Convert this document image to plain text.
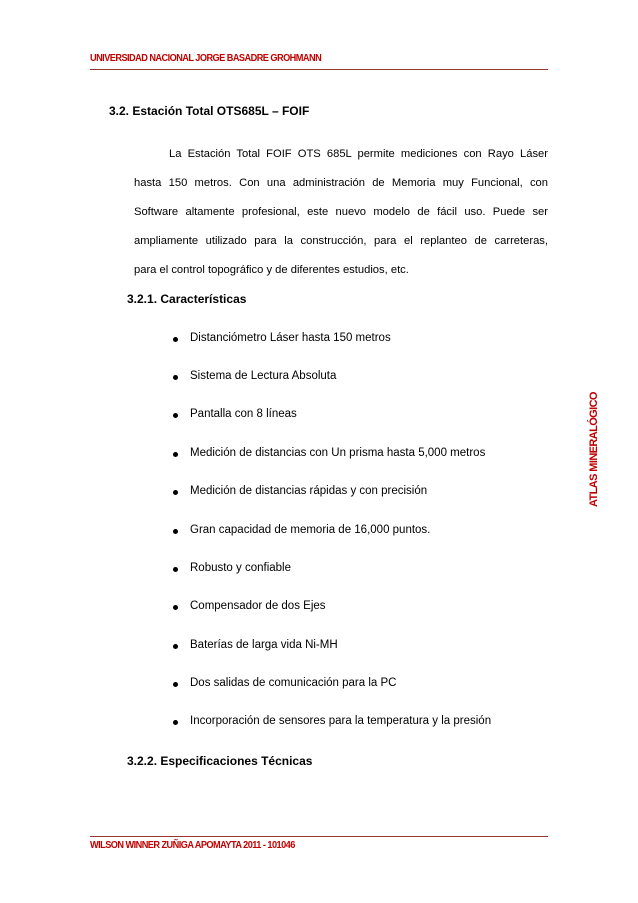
UNIVERSIDAD NACIONAL JORGE BASADRE GROHMANN
ATLAS MINERALÓGICO
3.2. Estación Total OTS685L – FOIF
La Estación Total FOIF OTS 685L permite mediciones con Rayo Láser
hasta 150 metros. Con una administración de Memoria muy Funcional, con
Software altamente profesional, este nuevo modelo de fácil uso. Puede ser
ampliamente utilizado para la construcción, para el replanteo de carreteras,
para el control topográfico y de diferentes estudios, etc.
3.2.1. Características
Distanciómetro Láser hasta 150 metros
Sistema de Lectura Absoluta
Pantalla con 8 líneas
Medición de distancias con Un prisma hasta 5,000 metros
Medición de distancias rápidas y con precisión
Gran capacidad de memoria de 16,000 puntos.
Robusto y confiable
Compensador de dos Ejes
Baterías de larga vida Ni-MH
Dos salidas de comunicación para la PC
Incorporación de sensores para la temperatura y la presión
3.2.2. Especificaciones Técnicas
WILSON WINNER ZUÑIGA APOMAYTA 2011 - 101046
